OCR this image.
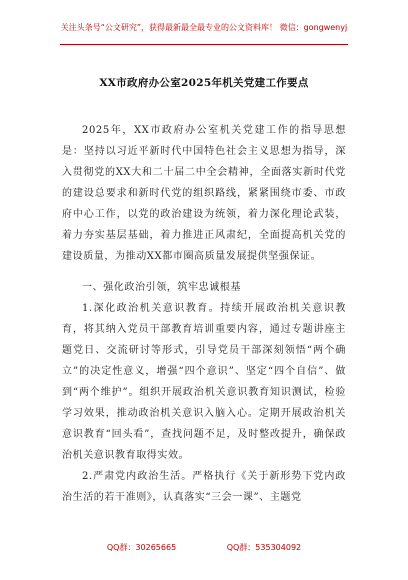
关注头条号“公文研究”，获得最新最全最专业的公文资料库！ 微信：gongwenyj
XX市政府办公室2025年机关党建工作要点

2025年，XX市政府办公室机关党建工作的指导思想是：坚持以习近平新时代中国特色社会主义思想为指导，深入贯彻党的XX大和二十届二中全会精神，全面落实新时代党的建设总要求和新时代党的组织路线，紧紧围绕市委、市政府中心工作，以党的政治建设为统领，着力深化理论武装，着力夯实基层基础，着力推进正风肃纪，全面提高机关党的建设质量，为推动XX都市圈高质量发展提供坚强保证。

一、强化政治引领，筑牢忠诚根基

1.深化政治机关意识教育。持续开展政治机关意识教育，将其纳入党员干部教育培训重要内容，通过专题讲座主题党日、交流研讨等形式，引导党员干部深刻领悟“两个确立”的决定性意义，增强“四个意识”、坚定“四个自信”、做到“两个维护”。组织开展政治机关意识教育知识测试，检验学习效果，推动政治机关意识入脑入心。定期开展政治机关意识教育“回头看”，查找问题不足，及时整改提升，确保政治机关意识教育取得实效。

2.严肃党内政治生活。严格执行《关于新形势下党内政治生活的若干准则》，认真落实“三会一课”、主题党

QQ群：30265665	QQ群：535304092
